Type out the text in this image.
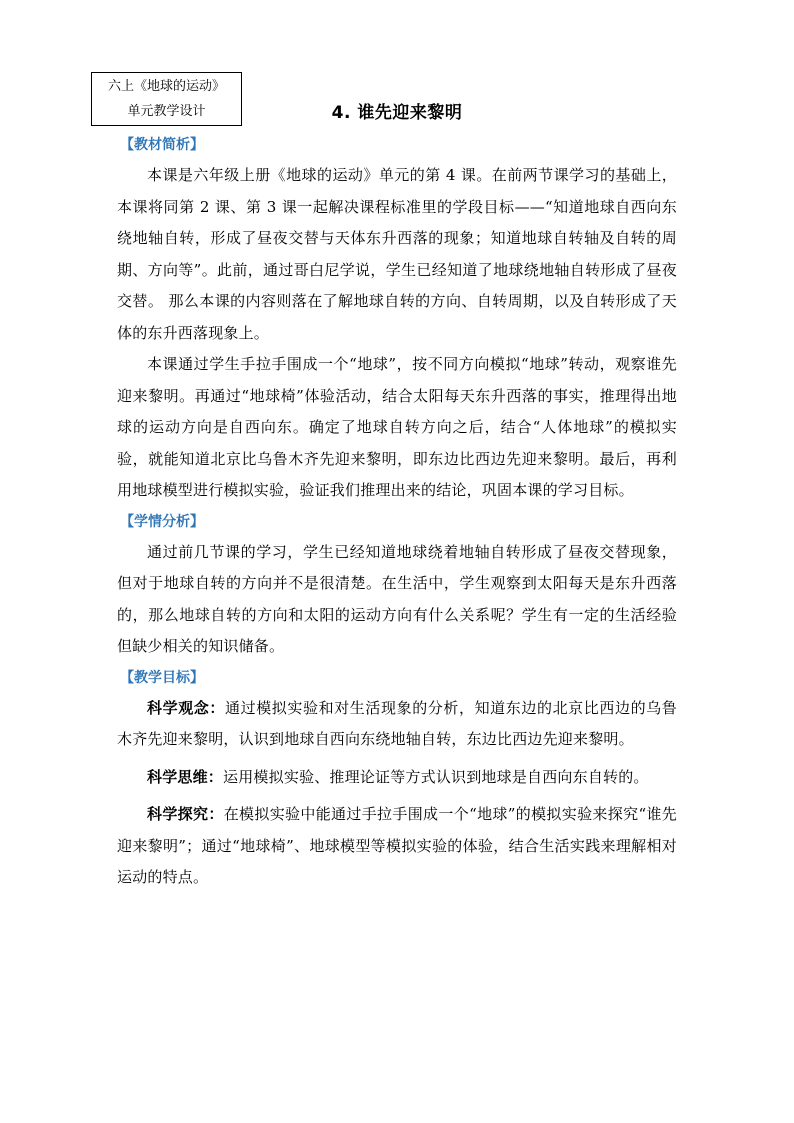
六上《地球的运动》
单元教学设计	4. 谁先迎来黎明
【教材简析】

本课是六年级上册《地球的运动》单元的第 4 课。在前两节课学习的基础上，本课将同第 2 课、第 3 课一起解决课程标准里的学段目标——“知道地球自西向东绕地轴自转，形成了昼夜交替与天体东升西落的现象；知道地球自转轴及自转的周期、方向等”。此前，通过哥白尼学说，学生已经知道了地球绕地轴自转形成了昼夜交替。 那么本课的内容则落在了解地球自转的方向、自转周期，以及自转形成了天体的东升西落现象上。

本课通过学生手拉手围成一个“地球”，按不同方向模拟“地球”转动，观察谁先迎来黎明。再通过“地球椅”体验活动，结合太阳每天东升西落的事实，推理得出地球的运动方向是自西向东。确定了地球自转方向之后，结合“人体地球”的模拟实验，就能知道北京比乌鲁木齐先迎来黎明，即东边比西边先迎来黎明。最后，再利用地球模型进行模拟实验，验证我们推理出来的结论，巩固本课的学习目标。

【学情分析】

通过前几节课的学习，学生已经知道地球绕着地轴自转形成了昼夜交替现象，但对于地球自转的方向并不是很清楚。在生活中，学生观察到太阳每天是东升西落的，那么地球自转的方向和太阳的运动方向有什么关系呢？学生有一定的生活经验但缺少相关的知识储备。

【教学目标】

科学观念：通过模拟实验和对生活现象的分析，知道东边的北京比西边的乌鲁木齐先迎来黎明，认识到地球自西向东绕地轴自转，东边比西边先迎来黎明。

科学思维：运用模拟实验、推理论证等方式认识到地球是自西向东自转的。

科学探究：在模拟实验中能通过手拉手围成一个“地球”的模拟实验来探究“谁先迎来黎明”；通过“地球椅”、地球模型等模拟实验的体验，结合生活实践来理解相对运动的特点。
